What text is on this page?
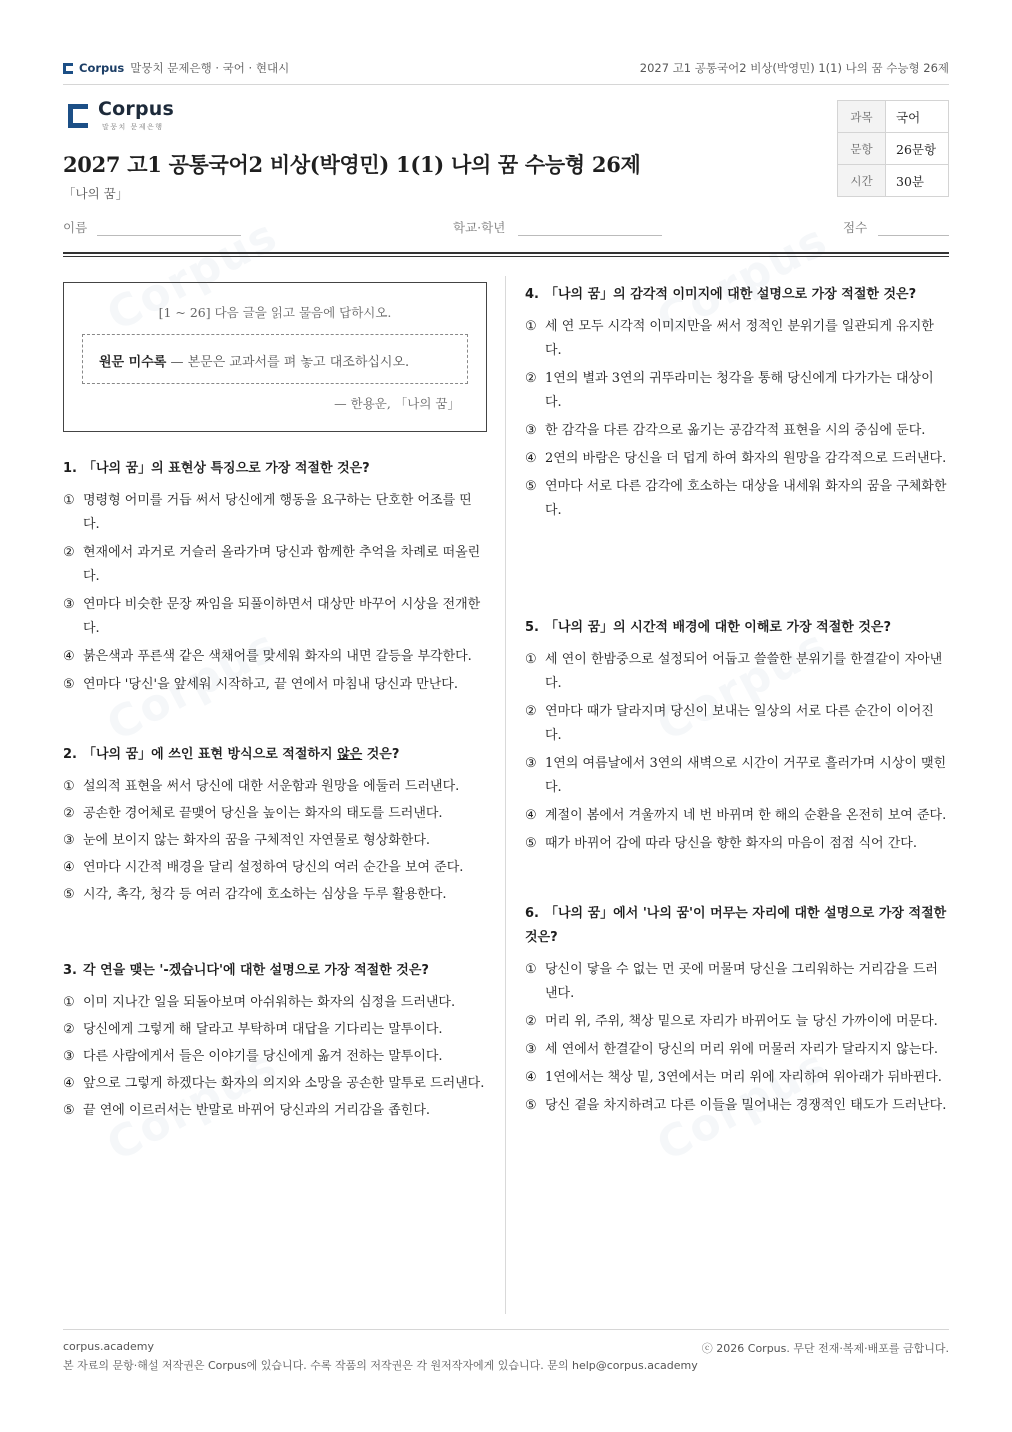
Corpus 말뭉치 문제은행 · 국어 · 현대시	2027 고1 공통국어2 비상(박영민) 1(1) 나의 꿈 수능형 26제
Corpus
말뭉치 문제은행
2027 고1 공통국어2 비상(박영민) 1(1) 나의 꿈 수능형 26제
「나의 꿈」
과목	국어
문항	26문항
시간	30분
이름	학교·학년	점수
[1 ~ 26] 다음 글을 읽고 물음에 답하시오.
원문 미수록 — 본문은 교과서를 펴 놓고 대조하십시오.
— 한용운, 「나의 꿈」
1. 「나의 꿈」의 표현상 특징으로 가장 적절한 것은?
① 명령형 어미를 거듭 써서 당신에게 행동을 요구하는 단호한 어조를 띤다.
② 현재에서 과거로 거슬러 올라가며 당신과 함께한 추억을 차례로 떠올린다.
③ 연마다 비슷한 문장 짜임을 되풀이하면서 대상만 바꾸어 시상을 전개한다.
④ 붉은색과 푸른색 같은 색채어를 맞세워 화자의 내면 갈등을 부각한다.
⑤ 연마다 '당신'을 앞세워 시작하고, 끝 연에서 마침내 당신과 만난다.
2. 「나의 꿈」에 쓰인 표현 방식으로 적절하지 않은 것은?
① 설의적 표현을 써서 당신에 대한 서운함과 원망을 에둘러 드러낸다.
② 공손한 경어체로 끝맺어 당신을 높이는 화자의 태도를 드러낸다.
③ 눈에 보이지 않는 화자의 꿈을 구체적인 자연물로 형상화한다.
④ 연마다 시간적 배경을 달리 설정하여 당신의 여러 순간을 보여 준다.
⑤ 시각, 촉각, 청각 등 여러 감각에 호소하는 심상을 두루 활용한다.
3. 각 연을 맺는 '-겠습니다'에 대한 설명으로 가장 적절한 것은?
① 이미 지나간 일을 되돌아보며 아쉬워하는 화자의 심정을 드러낸다.
② 당신에게 그렇게 해 달라고 부탁하며 대답을 기다리는 말투이다.
③ 다른 사람에게서 들은 이야기를 당신에게 옮겨 전하는 말투이다.
④ 앞으로 그렇게 하겠다는 화자의 의지와 소망을 공손한 말투로 드러낸다.
⑤ 끝 연에 이르러서는 반말로 바뀌어 당신과의 거리감을 좁힌다.
4. 「나의 꿈」의 감각적 이미지에 대한 설명으로 가장 적절한 것은?
① 세 연 모두 시각적 이미지만을 써서 정적인 분위기를 일관되게 유지한다.
② 1연의 별과 3연의 귀뚜라미는 청각을 통해 당신에게 다가가는 대상이다.
③ 한 감각을 다른 감각으로 옮기는 공감각적 표현을 시의 중심에 둔다.
④ 2연의 바람은 당신을 더 덥게 하여 화자의 원망을 감각적으로 드러낸다.
⑤ 연마다 서로 다른 감각에 호소하는 대상을 내세워 화자의 꿈을 구체화한다.
5. 「나의 꿈」의 시간적 배경에 대한 이해로 가장 적절한 것은?
① 세 연이 한밤중으로 설정되어 어둡고 쓸쓸한 분위기를 한결같이 자아낸다.
② 연마다 때가 달라지며 당신이 보내는 일상의 서로 다른 순간이 이어진다.
③ 1연의 여름날에서 3연의 새벽으로 시간이 거꾸로 흘러가며 시상이 맺힌다.
④ 계절이 봄에서 겨울까지 네 번 바뀌며 한 해의 순환을 온전히 보여 준다.
⑤ 때가 바뀌어 감에 따라 당신을 향한 화자의 마음이 점점 식어 간다.
6. 「나의 꿈」에서 '나의 꿈'이 머무는 자리에 대한 설명으로 가장 적절한 것은?
① 당신이 닿을 수 없는 먼 곳에 머물며 당신을 그리워하는 거리감을 드러낸다.
② 머리 위, 주위, 책상 밑으로 자리가 바뀌어도 늘 당신 가까이에 머문다.
③ 세 연에서 한결같이 당신의 머리 위에 머물러 자리가 달라지지 않는다.
④ 1연에서는 책상 밑, 3연에서는 머리 위에 자리하여 위아래가 뒤바뀐다.
⑤ 당신 곁을 차지하려고 다른 이들을 밀어내는 경쟁적인 태도가 드러난다.
corpus.academy	ⓒ 2026 Corpus. 무단 전재·복제·배포를 금합니다.
본 자료의 문항·해설 저작권은 Corpus에 있습니다. 수록 작품의 저작권은 각 원저작자에게 있습니다. 문의 help@corpus.academy
